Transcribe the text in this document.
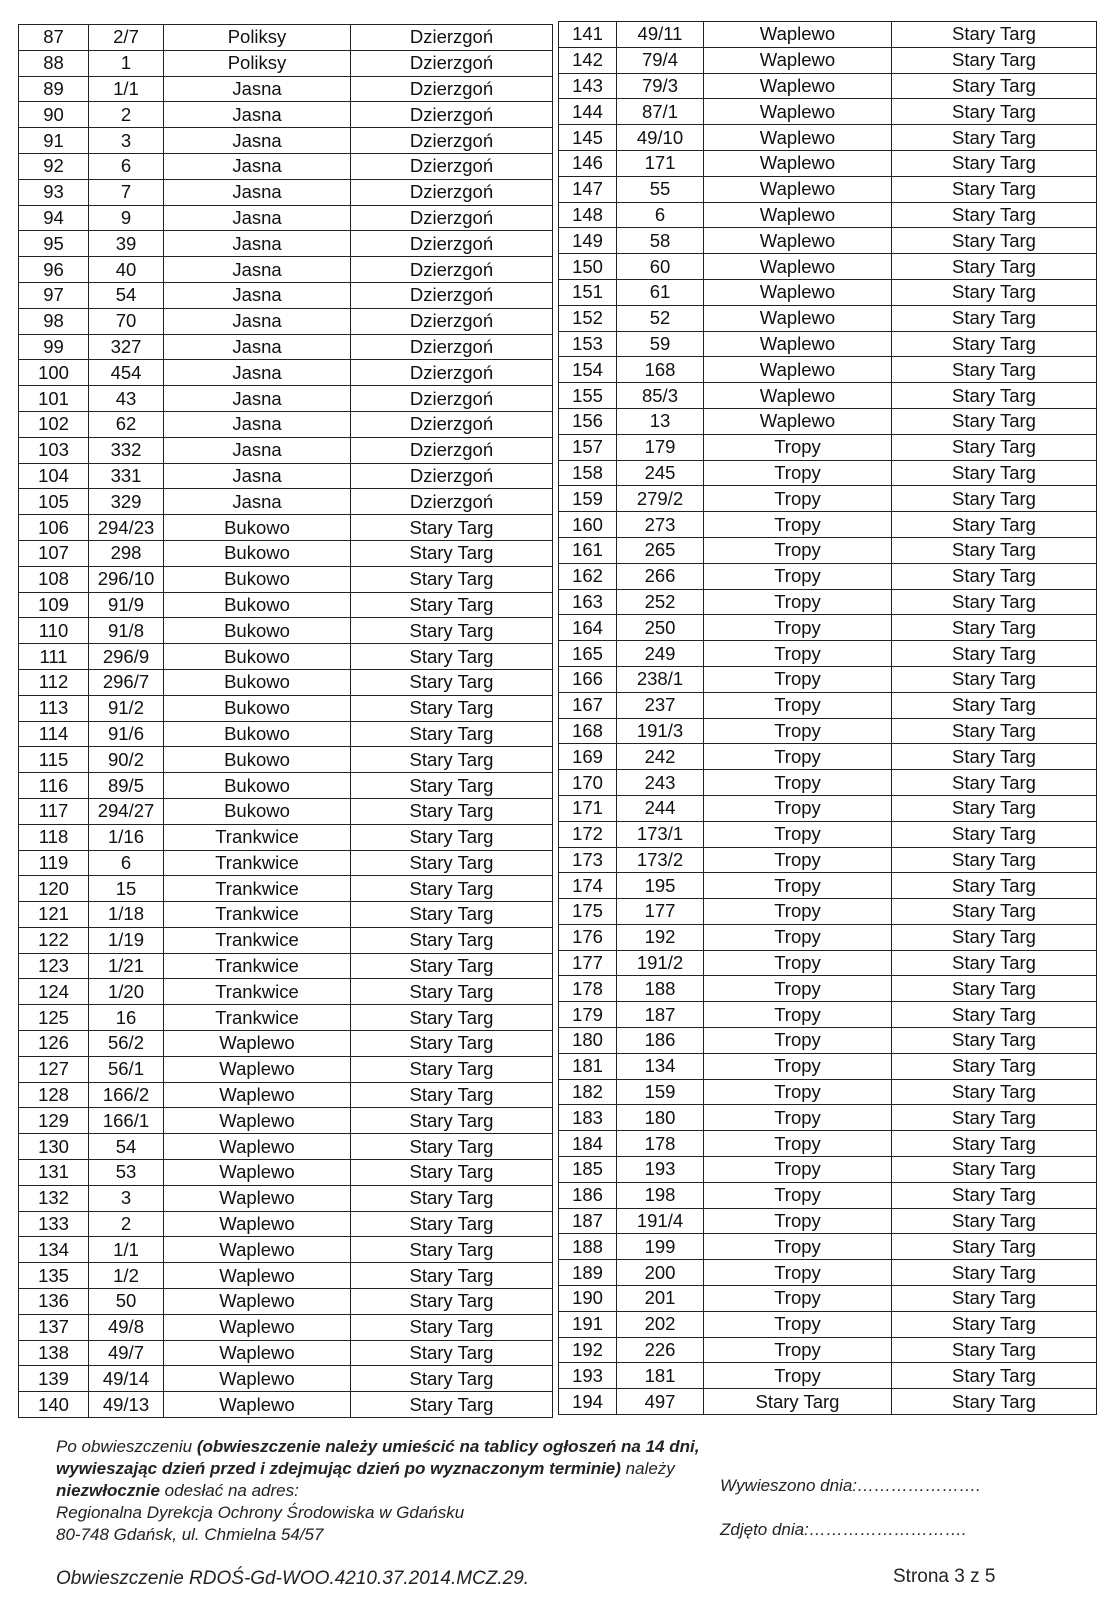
87	2/7	Poliksy	Dzierzgoń
88	1	Poliksy	Dzierzgoń
89	1/1	Jasna	Dzierzgoń
90	2	Jasna	Dzierzgoń
91	3	Jasna	Dzierzgoń
92	6	Jasna	Dzierzgoń
93	7	Jasna	Dzierzgoń
94	9	Jasna	Dzierzgoń
95	39	Jasna	Dzierzgoń
96	40	Jasna	Dzierzgoń
97	54	Jasna	Dzierzgoń
98	70	Jasna	Dzierzgoń
99	327	Jasna	Dzierzgoń
100	454	Jasna	Dzierzgoń
101	43	Jasna	Dzierzgoń
102	62	Jasna	Dzierzgoń
103	332	Jasna	Dzierzgoń
104	331	Jasna	Dzierzgoń
105	329	Jasna	Dzierzgoń
106	294/23	Bukowo	Stary Targ
107	298	Bukowo	Stary Targ
108	296/10	Bukowo	Stary Targ
109	91/9	Bukowo	Stary Targ
110	91/8	Bukowo	Stary Targ
111	296/9	Bukowo	Stary Targ
112	296/7	Bukowo	Stary Targ
113	91/2	Bukowo	Stary Targ
114	91/6	Bukowo	Stary Targ
115	90/2	Bukowo	Stary Targ
116	89/5	Bukowo	Stary Targ
117	294/27	Bukowo	Stary Targ
118	1/16	Trankwice	Stary Targ
119	6	Trankwice	Stary Targ
120	15	Trankwice	Stary Targ
121	1/18	Trankwice	Stary Targ
122	1/19	Trankwice	Stary Targ
123	1/21	Trankwice	Stary Targ
124	1/20	Trankwice	Stary Targ
125	16	Trankwice	Stary Targ
126	56/2	Waplewo	Stary Targ
127	56/1	Waplewo	Stary Targ
128	166/2	Waplewo	Stary Targ
129	166/1	Waplewo	Stary Targ
130	54	Waplewo	Stary Targ
131	53	Waplewo	Stary Targ
132	3	Waplewo	Stary Targ
133	2	Waplewo	Stary Targ
134	1/1	Waplewo	Stary Targ
135	1/2	Waplewo	Stary Targ
136	50	Waplewo	Stary Targ
137	49/8	Waplewo	Stary Targ
138	49/7	Waplewo	Stary Targ
139	49/14	Waplewo	Stary Targ
140	49/13	Waplewo	Stary Targ
141	49/11	Waplewo	Stary Targ
142	79/4	Waplewo	Stary Targ
143	79/3	Waplewo	Stary Targ
144	87/1	Waplewo	Stary Targ
145	49/10	Waplewo	Stary Targ
146	171	Waplewo	Stary Targ
147	55	Waplewo	Stary Targ
148	6	Waplewo	Stary Targ
149	58	Waplewo	Stary Targ
150	60	Waplewo	Stary Targ
151	61	Waplewo	Stary Targ
152	52	Waplewo	Stary Targ
153	59	Waplewo	Stary Targ
154	168	Waplewo	Stary Targ
155	85/3	Waplewo	Stary Targ
156	13	Waplewo	Stary Targ
157	179	Tropy	Stary Targ
158	245	Tropy	Stary Targ
159	279/2	Tropy	Stary Targ
160	273	Tropy	Stary Targ
161	265	Tropy	Stary Targ
162	266	Tropy	Stary Targ
163	252	Tropy	Stary Targ
164	250	Tropy	Stary Targ
165	249	Tropy	Stary Targ
166	238/1	Tropy	Stary Targ
167	237	Tropy	Stary Targ
168	191/3	Tropy	Stary Targ
169	242	Tropy	Stary Targ
170	243	Tropy	Stary Targ
171	244	Tropy	Stary Targ
172	173/1	Tropy	Stary Targ
173	173/2	Tropy	Stary Targ
174	195	Tropy	Stary Targ
175	177	Tropy	Stary Targ
176	192	Tropy	Stary Targ
177	191/2	Tropy	Stary Targ
178	188	Tropy	Stary Targ
179	187	Tropy	Stary Targ
180	186	Tropy	Stary Targ
181	134	Tropy	Stary Targ
182	159	Tropy	Stary Targ
183	180	Tropy	Stary Targ
184	178	Tropy	Stary Targ
185	193	Tropy	Stary Targ
186	198	Tropy	Stary Targ
187	191/4	Tropy	Stary Targ
188	199	Tropy	Stary Targ
189	200	Tropy	Stary Targ
190	201	Tropy	Stary Targ
191	202	Tropy	Stary Targ
192	226	Tropy	Stary Targ
193	181	Tropy	Stary Targ
194	497	Stary Targ	Stary Targ
Po obwieszczeniu (obwieszczenie należy umieścić na tablicy ogłoszeń na 14 dni, wywieszając dzień przed i zdejmując dzień po wyznaczonym terminie) należy niezwłocznie odesłać na adres:
Regionalna Dyrekcja Ochrony Środowiska w Gdańsku
80-748 Gdańsk, ul. Chmielna 54/57
Wywieszono dnia:………………….
Zdjęto dnia:……………………….
Obwieszczenie RDOŚ-Gd-WOO.4210.37.2014.MCZ.29.	Strona 3 z 5
